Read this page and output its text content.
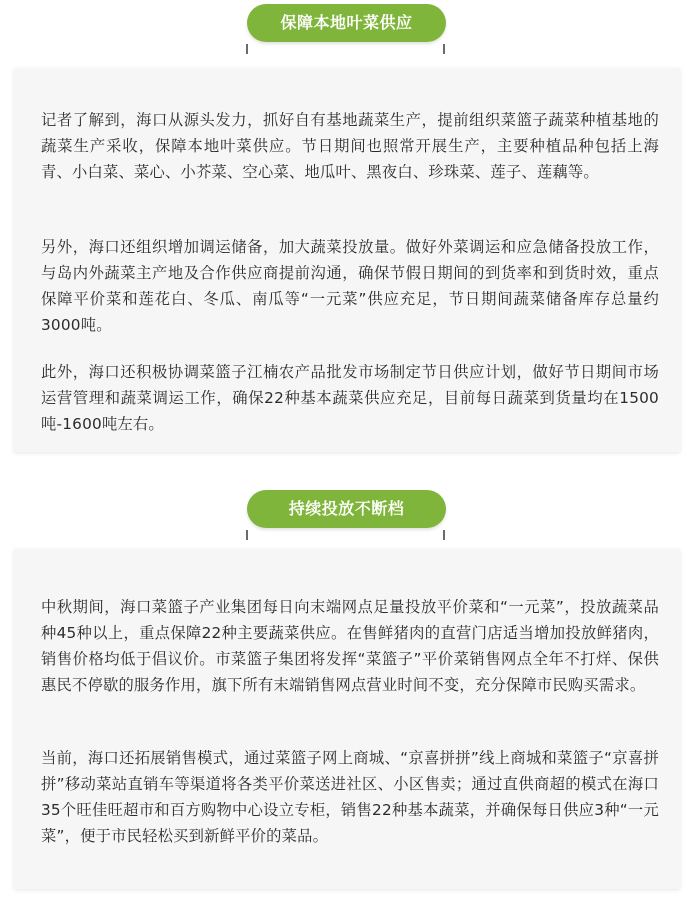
保障本地叶菜供应

记者了解到，海口从源头发力，抓好自有基地蔬菜生产，提前组织菜篮子蔬菜种植基地的蔬菜生产采收，保障本地叶菜供应。节日期间也照常开展生产，主要种植品种包括上海青、小白菜、菜心、小芥菜、空心菜、地瓜叶、黑夜白、珍珠菜、莲子、莲藕等。

另外，海口还组织增加调运储备，加大蔬菜投放量。做好外菜调运和应急储备投放工作，与岛内外蔬菜主产地及合作供应商提前沟通，确保节假日期间的到货率和到货时效，重点保障平价菜和莲花白、冬瓜、南瓜等“一元菜”供应充足，节日期间蔬菜储备库存总量约3000吨。

此外，海口还积极协调菜篮子江楠农产品批发市场制定节日供应计划，做好节日期间市场运营管理和蔬菜调运工作，确保22种基本蔬菜供应充足，目前每日蔬菜到货量均在1500吨-1600吨左右。

持续投放不断档

中秋期间，海口菜篮子产业集团每日向末端网点足量投放平价菜和“一元菜”，投放蔬菜品种45种以上，重点保障22种主要蔬菜供应。在售鲜猪肉的直营门店适当增加投放鲜猪肉，销售价格均低于倡议价。市菜篮子集团将发挥“菜篮子”平价菜销售网点全年不打烊、保供惠民不停歇的服务作用，旗下所有末端销售网点营业时间不变，充分保障市民购买需求。

当前，海口还拓展销售模式，通过菜篮子网上商城、“京喜拼拼”线上商城和菜篮子“京喜拼拼”移动菜站直销车等渠道将各类平价菜送进社区、小区售卖；通过直供商超的模式在海口35个旺佳旺超市和百方购物中心设立专柜，销售22种基本蔬菜，并确保每日供应3种“一元菜”，便于市民轻松买到新鲜平价的菜品。
